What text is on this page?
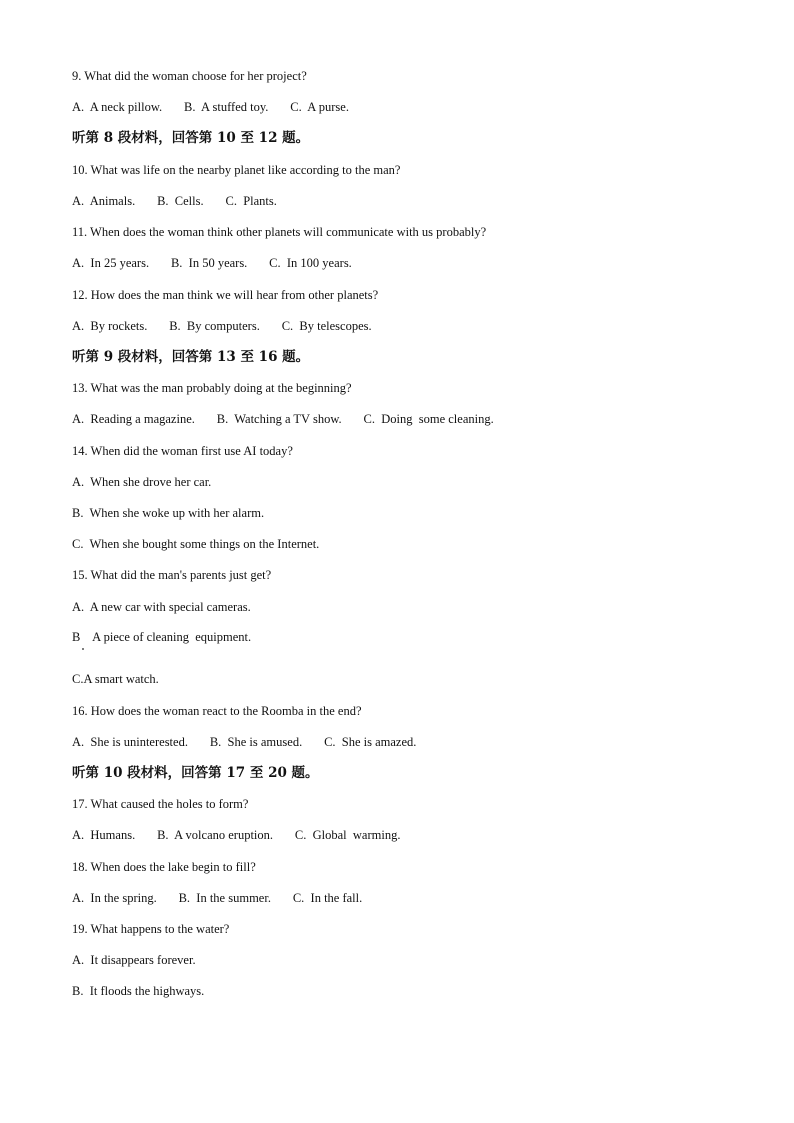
9. What did the woman choose for her project?
A.  A neck pillow.       B.  A stuffed toy.       C.  A purse.
听第 8 段材料，回答第 10 至 12 题。
10. What was life on the nearby planet like according to the man?
A.  Animals.       B.  Cells.       C.  Plants.
11. When does the woman think other planets will communicate with us probably?
A.  In 25 years.       B.  In 50 years.       C.  In 100 years.
12. How does the man think we will hear from other planets?
A.  By rockets.       B.  By computers.       C.  By telescopes.
听第 9 段材料，回答第 13 至 16 题。
13. What was the man probably doing at the beginning?
A.  Reading a magazine.       B.  Watching a TV show.       C.  Doing  some cleaning.
14. When did the woman first use AI today?
A.  When she drove her car.
B.  When she woke up with her alarm.
C.  When she bought some things on the Internet.
15. What did the man's parents just get?
A.  A new car with special cameras.
B    A piece of cleaning  equipment.
C.A smart watch.
16. How does the woman react to the Roomba in the end?
A.  She is uninterested.       B.  She is amused.       C.  She is amazed.
听第 10 段材料，回答第 17 至 20 题。
17. What caused the holes to form?
A.  Humans.       B.  A volcano eruption.       C.  Global  warming.
18. When does the lake begin to fill?
A.  In the spring.       B.  In the summer.       C.  In the fall.
19. What happens to the water?
A.  It disappears forever.
B.  It floods the highways.
